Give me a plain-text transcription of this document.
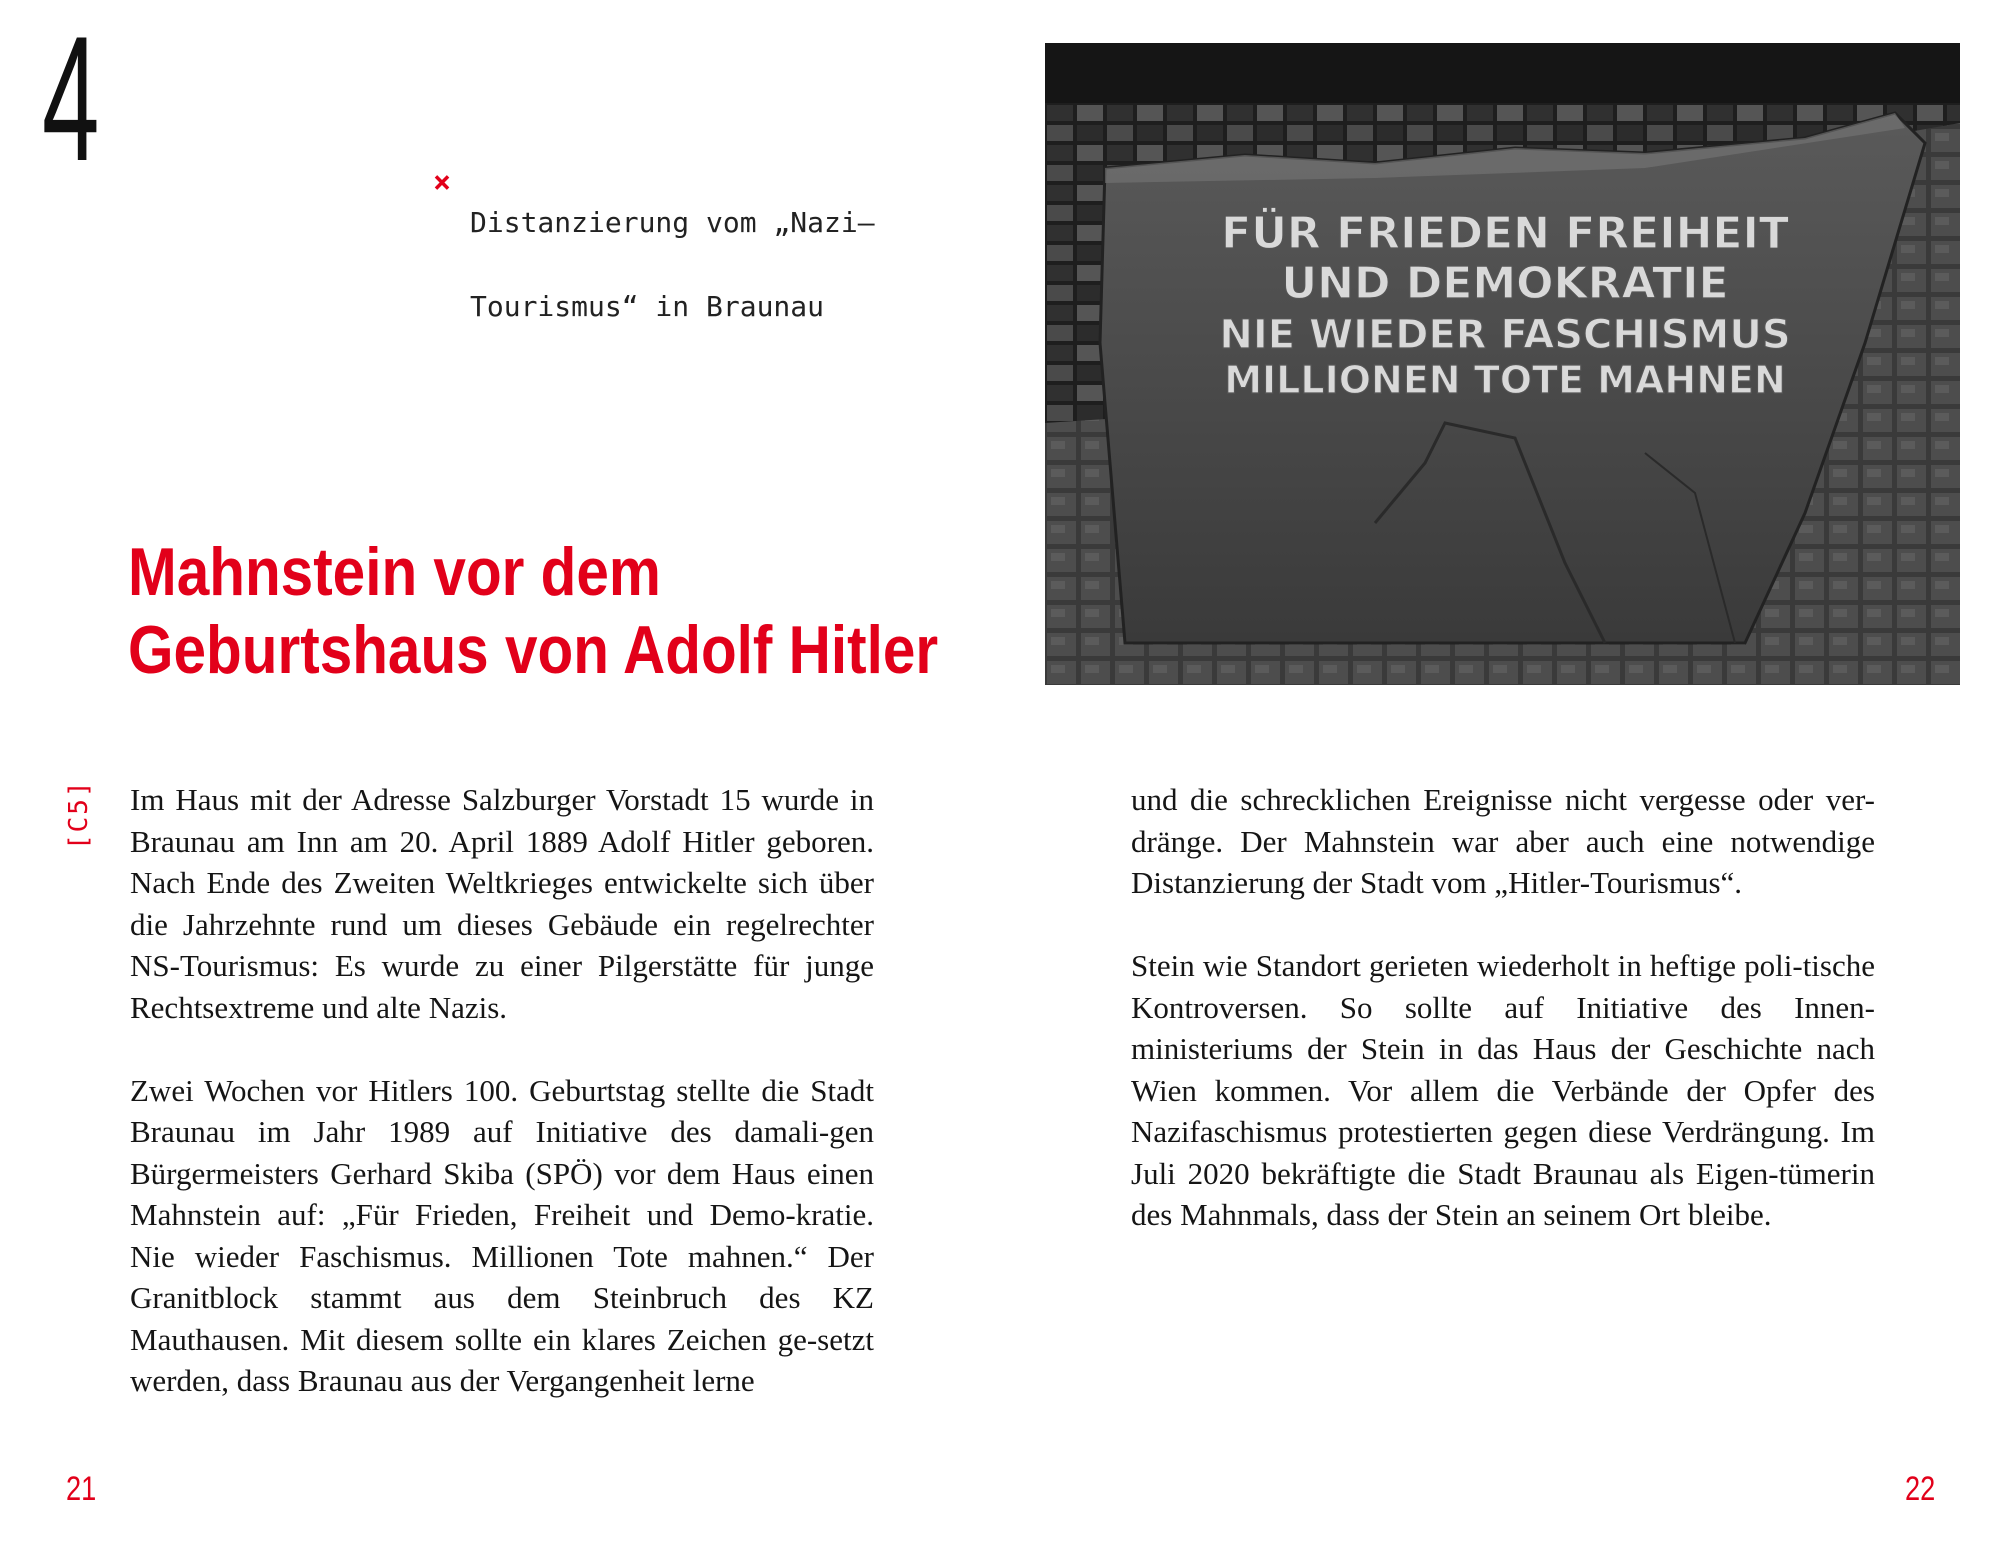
4	×

Distanzierung vom „Nazi–

Tourismus“ in Braunau

Mahnstein vor dem
Geburtshaus von Adolf Hitler
[C5] Im Haus mit der Adresse Salzburger Vorstadt 15 wurde in Braunau am Inn am 20. April 1889 Adolf Hitler geboren. Nach Ende des Zweiten Weltkrieges entwickelte sich über die Jahrzehnte rund um dieses Gebäude ein regelrechter NS-Tourismus: Es wurde zu einer Pilgerstätte für junge Rechtsextreme und alte Nazis.

Zwei Wochen vor Hitlers 100. Geburtstag stellte die Stadt Braunau im Jahr 1989 auf Initiative des damali-gen Bürgermeisters Gerhard Skiba (SPÖ) vor dem Haus einen Mahnstein auf: „Für Frieden, Freiheit und Demo-kratie. Nie wieder Faschismus. Millionen Tote mahnen.“ Der Granitblock stammt aus dem Steinbruch des KZ Mauthausen. Mit diesem sollte ein klares Zeichen ge-setzt werden, dass Braunau aus der Vergangenheit lerne

und die schrecklichen Ereignisse nicht vergesse oder ver-dränge. Der Mahnstein war aber auch eine notwendige Distanzierung der Stadt vom „Hitler-Tourismus“.

Stein wie Standort gerieten wiederholt in heftige poli-tische Kontroversen. So sollte auf Initiative des Innen-ministeriums der Stein in das Haus der Geschichte nach Wien kommen. Vor allem die Verbände der Opfer des Nazifaschismus protestierten gegen diese Verdrängung. Im Juli 2020 bekräftigte die Stadt Braunau als Eigen-tümerin des Mahnmals, dass der Stein an seinem Ort bleibe.

FÜR FRIEDEN FREIHEIT
UND DEMOKRATIE
NIE WIEDER FASCHISMUS
MILLIONEN TOTE MAHNEN
21	22
